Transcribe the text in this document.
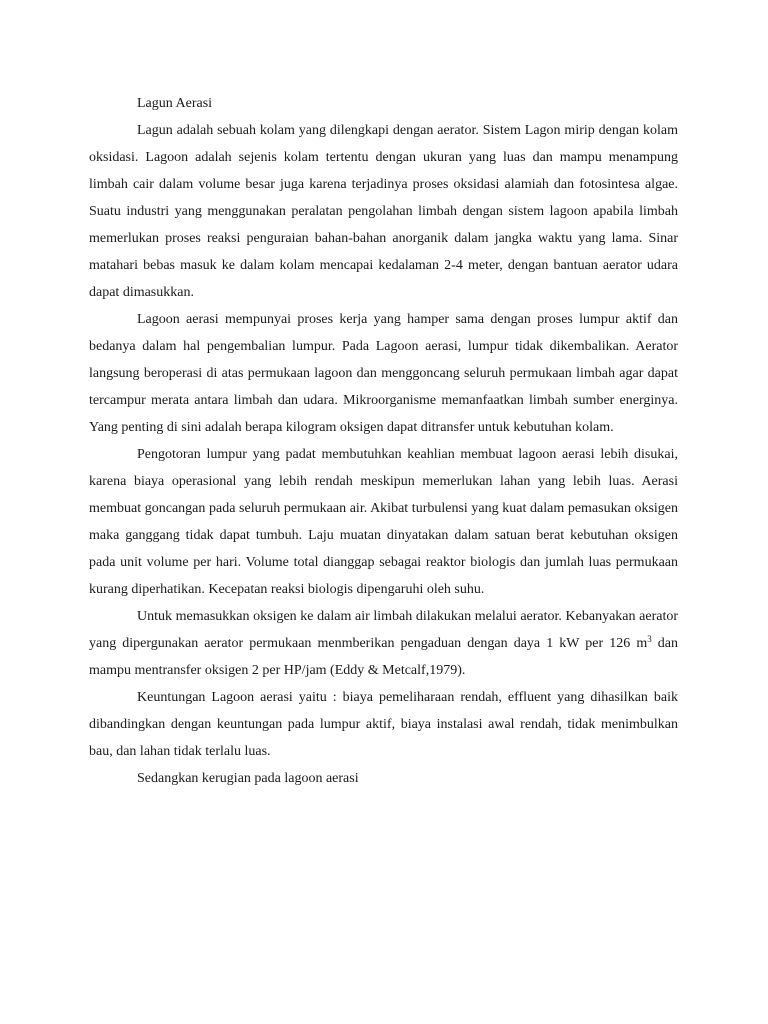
Lagun Aerasi

Lagun adalah sebuah kolam yang dilengkapi dengan aerator. Sistem Lagon mirip dengan kolam oksidasi. Lagoon adalah sejenis kolam tertentu dengan ukuran yang luas dan mampu menampung limbah cair dalam volume besar juga karena terjadinya proses oksidasi alamiah dan fotosintesa algae. Suatu industri yang menggunakan peralatan pengolahan limbah dengan sistem lagoon apabila limbah memerlukan proses reaksi penguraian bahan-bahan anorganik dalam jangka waktu yang lama. Sinar matahari bebas masuk ke dalam kolam mencapai kedalaman 2-4 meter, dengan bantuan aerator udara dapat dimasukkan.

Lagoon aerasi mempunyai proses kerja yang hamper sama dengan proses lumpur aktif dan bedanya dalam hal pengembalian lumpur. Pada Lagoon aerasi, lumpur tidak dikembalikan. Aerator langsung beroperasi di atas permukaan lagoon dan menggoncang seluruh permukaan limbah agar dapat tercampur merata antara limbah dan udara. Mikroorganisme memanfaatkan limbah sumber energinya. Yang penting di sini adalah berapa kilogram oksigen dapat ditransfer untuk kebutuhan kolam.

Pengotoran lumpur yang padat membutuhkan keahlian membuat lagoon aerasi lebih disukai, karena biaya operasional yang lebih rendah meskipun memerlukan lahan yang lebih luas. Aerasi membuat goncangan pada seluruh permukaan air. Akibat turbulensi yang kuat dalam pemasukan oksigen maka ganggang tidak dapat tumbuh. Laju muatan dinyatakan dalam satuan berat kebutuhan oksigen pada unit volume per hari. Volume total dianggap sebagai reaktor biologis dan jumlah luas permukaan kurang diperhatikan. Kecepatan reaksi biologis dipengaruhi oleh suhu.

Untuk memasukkan oksigen ke dalam air limbah dilakukan melalui aerator. Kebanyakan aerator yang dipergunakan aerator permukaan menmberikan pengaduan dengan daya 1 kW per 126 $m^3$ dan mampu mentransfer oksigen 2 per HP/jam (Eddy & Metcalf,1979).

Keuntungan Lagoon aerasi yaitu : biaya pemeliharaan rendah, effluent yang dihasilkan baik dibandingkan dengan keuntungan pada lumpur aktif, biaya instalasi awal rendah, tidak menimbulkan bau, dan lahan tidak terlalu luas.

Sedangkan kerugian pada lagoon aerasi
